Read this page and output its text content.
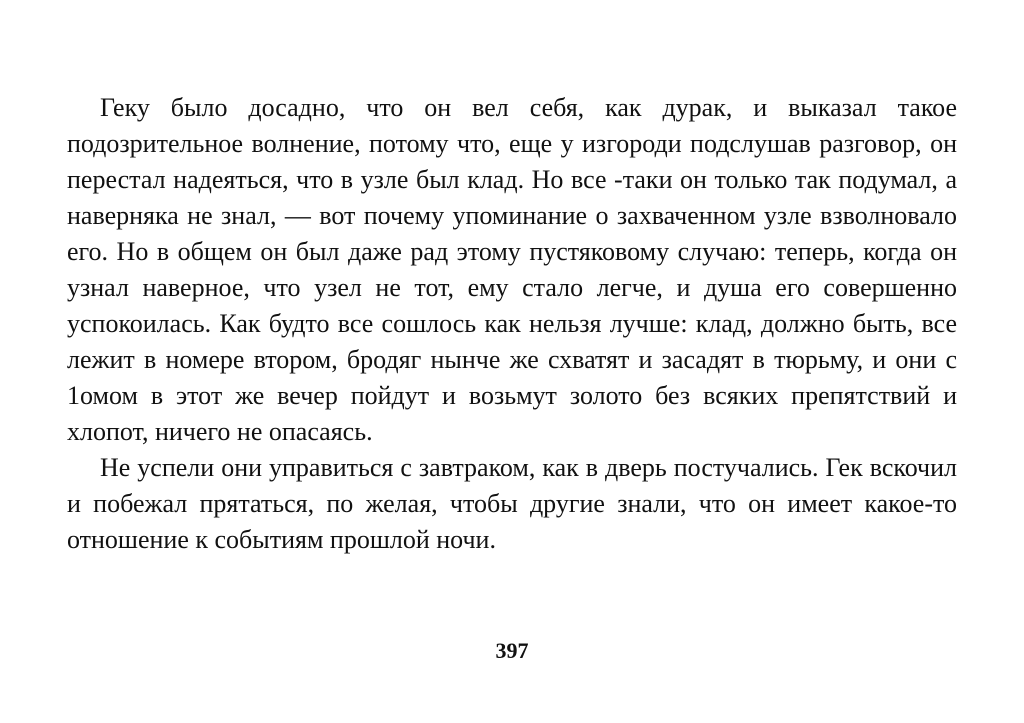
Геку было досадно, что он вел себя, как дурак, и выказал такое подозрительное волнение, потому что, еще у изгороди подслушав разговор, он перестал надеяться, что в узле был клад. Но все -таки он только так подумал, а наверняка не знал, — вот почему упоминание о захваченном узле взволновало его. Но в общем он был даже рад этому пустяковому случаю: теперь, когда он узнал наверное, что узел не тот, ему стало легче, и душа его совершенно успокоилась. Как будто все сошлось как нельзя лучше: клад, должно быть, все лежит в номере втором, бродяг нынче же схватят и засадят в тюрьму, и они с 1омом в этот же вечер пойдут и возьмут золото без всяких препятствий и хлопот, ничего не опасаясь.

Не успели они управиться с завтраком, как в дверь постучались. Гек вскочил и побежал прятаться, по желая, чтобы другие знали, что он имеет какое-то отношение к событиям прошлой ночи.

397
